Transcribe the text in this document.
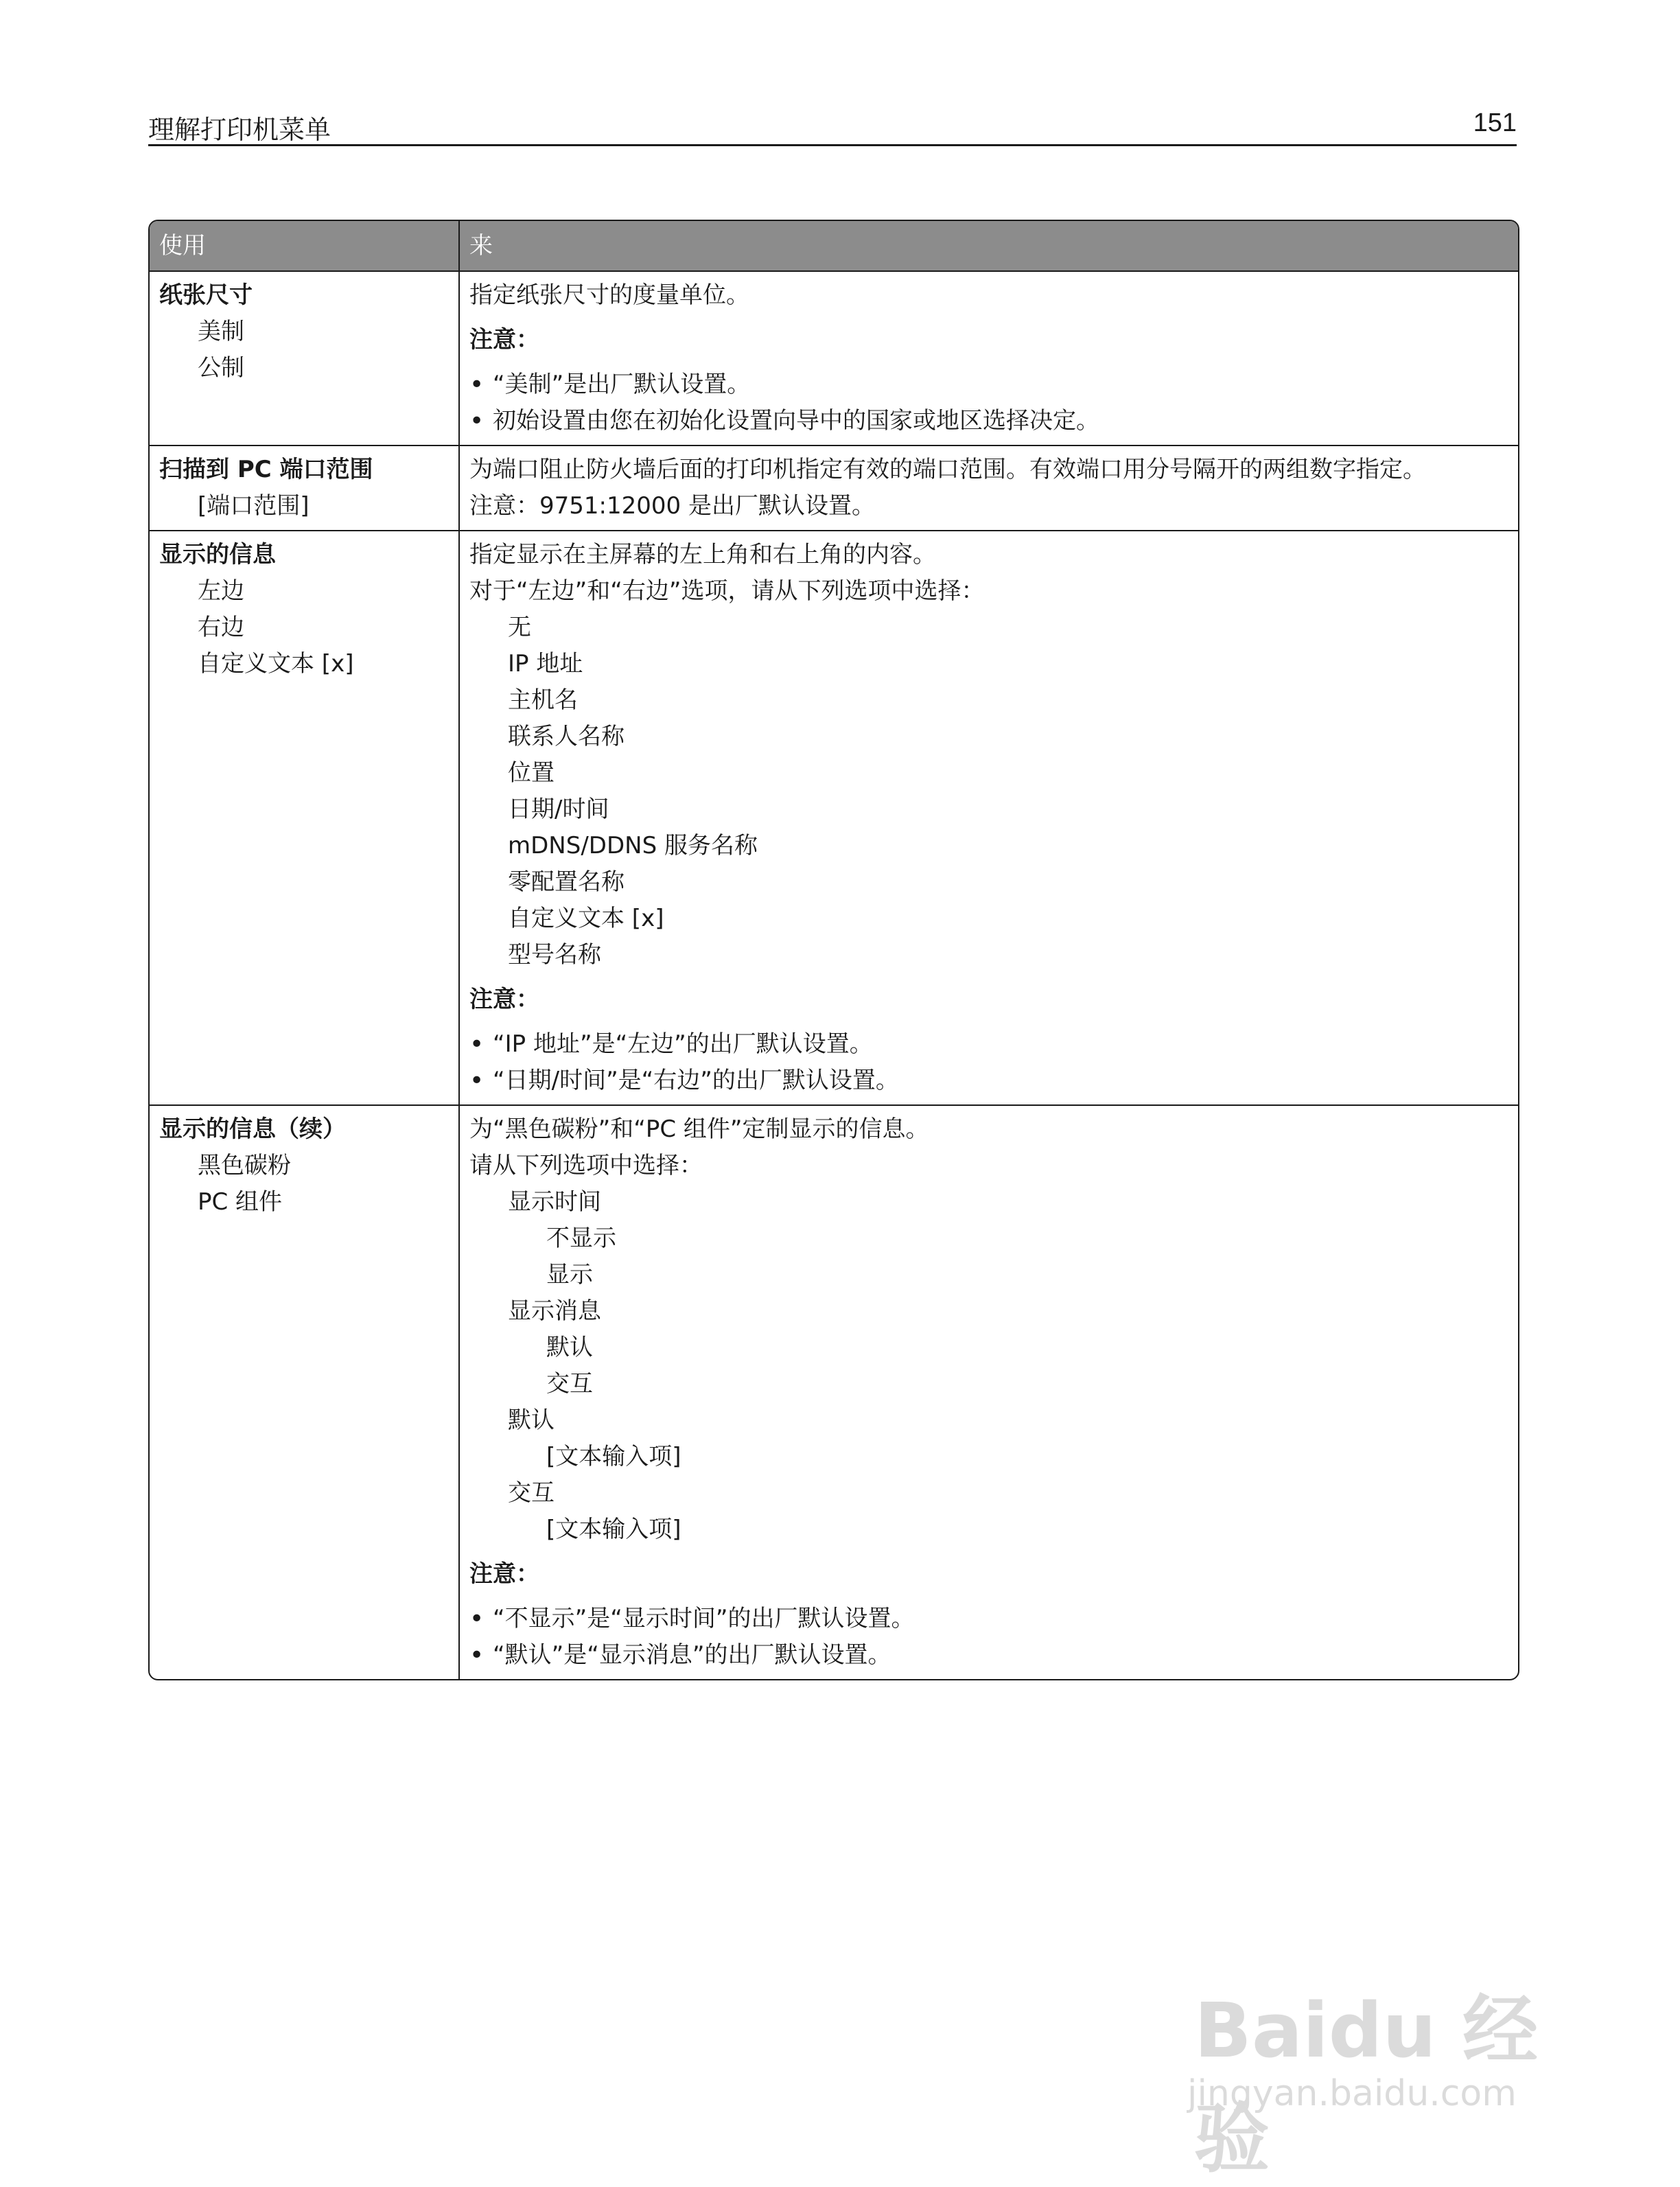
理解打印机菜单	151
使用	来
纸张尺寸
美制
公制
指定纸张尺寸的度量单位。
注意：
• “美制”是出厂默认设置。
• 初始设置由您在初始化设置向导中的国家或地区选择决定。
扫描到 PC 端口范围
[端口范围]
为端口阻止防火墙后面的打印机指定有效的端口范围。有效端口用分号隔开的两组数字指定。
注意：9751:12000 是出厂默认设置。
显示的信息
左边
右边
自定义文本 [x]
指定显示在主屏幕的左上角和右上角的内容。
对于“左边”和“右边”选项，请从下列选项中选择：
无
IP 地址
主机名
联系人名称
位置
日期/时间
mDNS/DDNS 服务名称
零配置名称
自定义文本 [x]
型号名称
注意：
• “IP 地址”是“左边”的出厂默认设置。
• “日期/时间”是“右边”的出厂默认设置。
显示的信息（续）
黑色碳粉
PC 组件
为“黑色碳粉”和“PC 组件”定制显示的信息。
请从下列选项中选择：
显示时间
不显示
显示
显示消息
默认
交互
默认
[文本输入项]
交互
[文本输入项]
注意：
• “不显示”是“显示时间”的出厂默认设置。
• “默认”是“显示消息”的出厂默认设置。
Baidu 经验
jingyan.baidu.com
